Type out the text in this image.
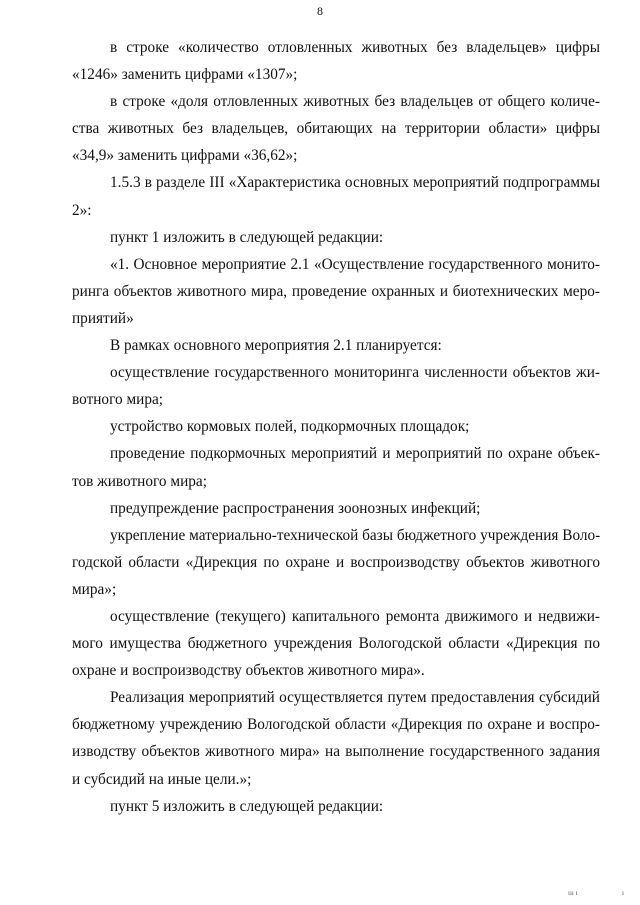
8
в строке «количество отловленных животных без владельцев» цифры
«1246» заменить цифрами «1307»;
в строке «доля отловленных животных без владельцев от общего количе-
ства животных без владельцев, обитающих на территории области» цифры
«34,9» заменить цифрами «36,62»;
1.5.3 в разделе III «Характеристика основных мероприятий подпрограммы
2»:
пункт 1 изложить в следующей редакции:
«1. Основное мероприятие 2.1 «Осуществление государственного монито-
ринга объектов животного мира, проведение охранных и биотехнических меро-
приятий»
В рамках основного мероприятия 2.1 планируется:
осуществление государственного мониторинга численности объектов жи-
вотного мира;
устройство кормовых полей, подкормочных площадок;
проведение подкормочных мероприятий и мероприятий по охране объек-
тов животного мира;
предупреждение распространения зоонозных инфекций;
укрепление материально-технической базы бюджетного учреждения Воло-
годской области «Дирекция по охране и воспроизводству объектов животного
мира»;
осуществление (текущего) капитального ремонта движимого и недвижи-
мого имущества бюджетного учреждения Вологодской области «Дирекция по
охране и воспроизводству объектов животного мира».
Реализация мероприятий осуществляется путем предоставления субсидий
бюджетному учреждению Вологодской области «Дирекция по охране и воспро-
изводству объектов животного мира» на выполнение государственного задания
и субсидий на иные цели.»;
пункт 5 изложить в следующей редакции:
ııı ı	ı
